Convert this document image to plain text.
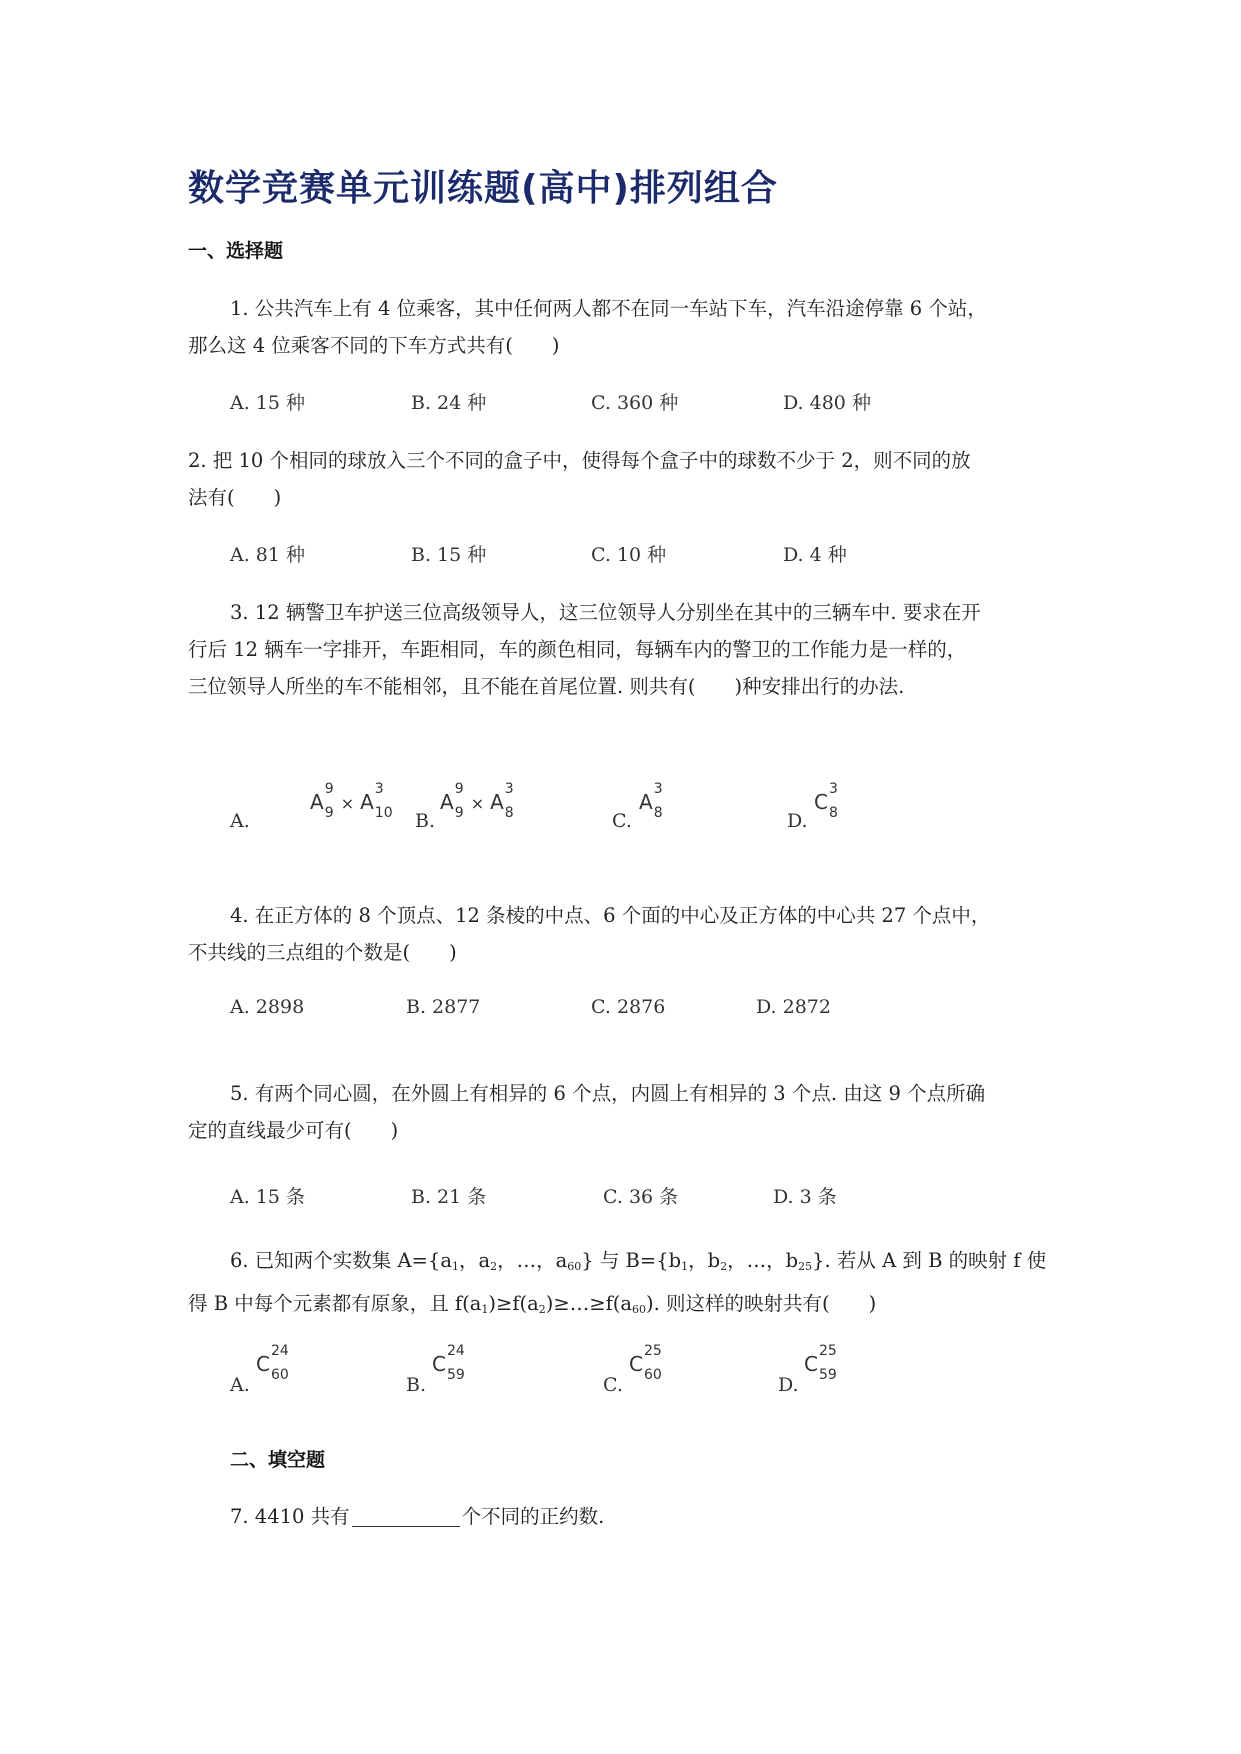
数学竞赛单元训练题(高中)排列组合
一、选择题
1. 公共汽车上有 4 位乘客，其中任何两人都不在同一车站下车，汽车沿途停靠 6 个站，
那么这 4 位乘客不同的下车方式共有(　　)
A. 15 种	B. 24 种	C. 360 种	D. 480 种
2. 把 10 个相同的球放入三个不同的盒子中，使得每个盒子中的球数不少于 2，则不同的放
法有(　　)
A. 81 种	B. 15 种	C. 10 种	D. 4 种
3. 12 辆警卫车护送三位高级领导人，这三位领导人分别坐在其中的三辆车中. 要求在开
行后 12 辆车一字排开，车距相同，车的颜色相同，每辆车内的警卫的工作能力是一样的，
三位领导人所坐的车不能相邻，且不能在首尾位置. 则共有(　　)种安排出行的办法.
A.
A
9
9 × A
3
10 B.
A
9
9 × A
3
8	C.
A
3
8	D.
C
3
8
4. 在正方体的 8 个顶点、12 条棱的中点、6 个面的中心及正方体的中心共 27 个点中，
不共线的三点组的个数是(　　)
A. 2898	B. 2877	C. 2876	D. 2872
5. 有两个同心圆，在外圆上有相异的 6 个点，内圆上有相异的 3 个点. 由这 9 个点所确
定的直线最少可有(　　)
A. 15 条	B. 21 条	C. 36 条	D. 3 条
6. 已知两个实数集 A={a1，a2，…，a60} 与 B={b1，b2，…，b25}. 若从 A 到 B 的映射 f 使
得 B 中每个元素都有原象，且 f(a1)≥f(a2)≥…≥f(a60). 则这样的映射共有(　　)
A.
C
24
60	B.
C
24
59	C.
C
25
60	D.
C
25
59
二、填空题
7. 4410 共有	个不同的正约数.
